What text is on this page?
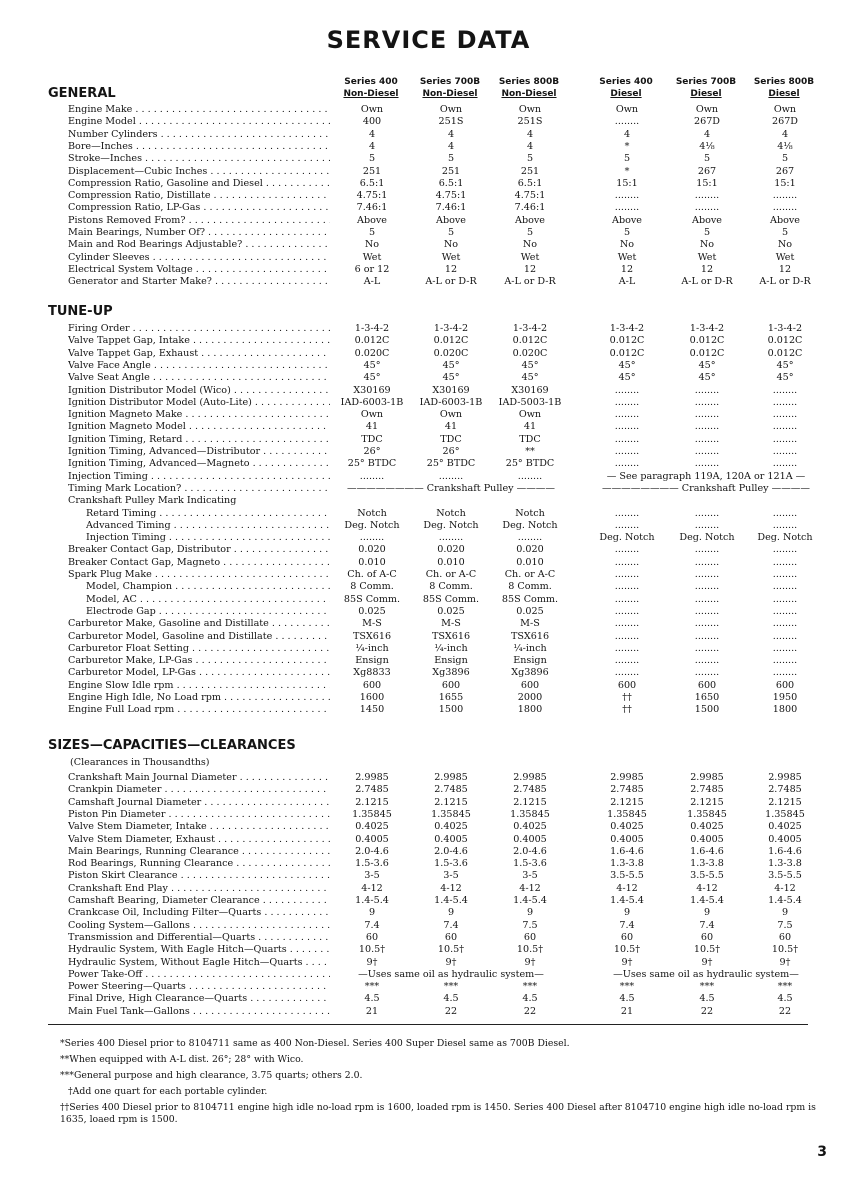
SERVICE DATA
Series 400
Non-Diesel
Series 700B
Non-Diesel
Series 800B
Non-Diesel
Series 400
Diesel
Series 700B
Diesel
Series 800B
Diesel
GENERAL
TUNE-UP
SIZES—CAPACITIES—CLEARANCES
(Clearances in Thousandths)
Engine Make . . .	Own	Own	Own	Own	Own	Own
Engine Model . . .	400	251S	251S	........	267D	267D
Number Cylinders . . .	4	4	4	4	4	4
Bore—Inches . . .	4	4	4	*	4⅛	4⅛
Stroke—Inches . . .	5	5	5	5	5	5
Displacement—Cubic Inches . . .	251	251	251	*	267	267
Compression Ratio, Gasoline and Diesel . . .	6.5:1	6.5:1	6.5:1	15:1	15:1	15:1
Compression Ratio, Distillate . . .	4.75:1	4.75:1	4.75:1	........	........	........
Compression Ratio, LP-Gas . . .	7.46:1	7.46:1	7.46:1	........	........	........
Pistons Removed From? . . .	Above	Above	Above	Above	Above	Above
Main Bearings, Number Of? . . .	5	5	5	5	5	5
Main and Rod Bearings Adjustable? . . .	No	No	No	No	No	No
Cylinder Sleeves . . .	Wet	Wet	Wet	Wet	Wet	Wet
Electrical System Voltage . . .	6 or 12	12	12	12	12	12
Generator and Starter Make? . . .	A-L	A-L or D-R	A-L or D-R	A-L	A-L or D-R	A-L or D-R
Firing Order . . .	1-3-4-2	1-3-4-2	1-3-4-2	1-3-4-2	1-3-4-2	1-3-4-2
Valve Tappet Gap, Intake . . .	0.012C	0.012C	0.012C	0.012C	0.012C	0.012C
Valve Tappet Gap, Exhaust . . .	0.020C	0.020C	0.020C	0.012C	0.012C	0.012C
Valve Face Angle . . .	45°	45°	45°	45°	45°	45°
Valve Seat Angle . . .	45°	45°	45°	45°	45°	45°
Ignition Distributor Model (Wico) . . .	X30169	X30169	X30169	........	........	........
Ignition Distributor Model (Auto-Lite) . . .	IAD-6003-1B	IAD-6003-1B	IAD-5003-1B	........	........	........
Ignition Magneto Make . . .	Own	Own	Own	........	........	........
Ignition Magneto Model . . .	41	41	41	........	........	........
Ignition Timing, Retard . . .	TDC	TDC	TDC	........	........	........
Ignition Timing, Advanced—Distributor . . .	26°	26°	**	........	........	........
Ignition Timing, Advanced—Magneto . . .	25° BTDC	25° BTDC	25° BTDC	........	........	........
Injection Timing . . .	........	........	........	— See paragraph 119A, 120A or 121A —
Timing Mark Location? . . .	———————— Crankshaft Pulley ————	———————— Crankshaft Pulley ————
Crankshaft Pulley Mark Indicating
Retard Timing . . .	Notch	Notch	Notch	........	........	........
Advanced Timing . . .	Deg. Notch	Deg. Notch	Deg. Notch	........	........	........
Injection Timing . . .	........	........	........	Deg. Notch	Deg. Notch	Deg. Notch
Breaker Contact Gap, Distributor . . .	0.020	0.020	0.020	........	........	........
Breaker Contact Gap, Magneto . . .	0.010	0.010	0.010	........	........	........
Spark Plug Make . . .	Ch. of A-C	Ch. or A-C	Ch. or A-C	........	........	........
Model, Champion . . .	8 Comm.	8 Comm.	8 Comm.	........	........	........
Model, AC . . .	85S Comm.	85S Comm.	85S Comm.	........	........	........
Electrode Gap . . .	0.025	0.025	0.025	........	........	........
Carburetor Make, Gasoline and Distillate . . .	M-S	M-S	M-S	........	........	........
Carburetor Model, Gasoline and Distillate . . .	TSX616	TSX616	TSX616	........	........	........
Carburetor Float Setting . . .	¼-inch	¼-inch	¼-inch	........	........	........
Carburetor Make, LP-Gas . . .	Ensign	Ensign	Ensign	........	........	........
Carburetor Model, LP-Gas . . .	Xg8833	Xg3896	Xg3896	........	........	........
Engine Slow Idle rpm . . .	600	600	600	600	600	600
Engine High Idle, No Load rpm . . .	1600	1655	2000	††	1650	1950
Engine Full Load rpm . . .	1450	1500	1800	††	1500	1800
Crankshaft Main Journal Diameter . . .	2.9985	2.9985	2.9985	2.9985	2.9985	2.9985
Crankpin Diameter . . .	2.7485	2.7485	2.7485	2.7485	2.7485	2.7485
Camshaft Journal Diameter . . .	2.1215	2.1215	2.1215	2.1215	2.1215	2.1215
Piston Pin Diameter . . .	1.35845	1.35845	1.35845	1.35845	1.35845	1.35845
Valve Stem Diameter, Intake . . .	0.4025	0.4025	0.4025	0.4025	0.4025	0.4025
Valve Stem Diameter, Exhaust . . .	0.4005	0.4005	0.4005	0.4005	0.4005	0.4005
Main Bearings, Running Clearance . . .	2.0-4.6	2.0-4.6	2.0-4.6	1.6-4.6	1.6-4.6	1.6-4.6
Rod Bearings, Running Clearance . . .	1.5-3.6	1.5-3.6	1.5-3.6	1.3-3.8	1.3-3.8	1.3-3.8
Piston Skirt Clearance . . .	3-5	3-5	3-5	3.5-5.5	3.5-5.5	3.5-5.5
Crankshaft End Play . . .	4-12	4-12	4-12	4-12	4-12	4-12
Camshaft Bearing, Diameter Clearance . . .	1.4-5.4	1.4-5.4	1.4-5.4	1.4-5.4	1.4-5.4	1.4-5.4
Crankcase Oil, Including Filter—Quarts . . .	9	9	9	9	9	9
Cooling System—Gallons . . .	7.4	7.4	7.5	7.4	7.4	7.5
Transmission and Differential—Quarts . . .	60	60	60	60	60	60
Hydraulic System, With Eagle Hitch—Quarts . . .	10.5†	10.5†	10.5†	10.5†	10.5†	10.5†
Hydraulic System, Without Eagle Hitch—Quarts . . .	9†	9†	9†	9†	9†	9†
Power Take-Off . . .	—Uses same oil as hydraulic system—	—Uses same oil as hydraulic system—
Power Steering—Quarts . . .	***	***	***	***	***	***
Final Drive, High Clearance—Quarts . . .	4.5	4.5	4.5	4.5	4.5	4.5
Main Fuel Tank—Gallons . . .	21	22	22	21	22	22
*Series 400 Diesel prior to 8104711 same as 400 Non-Diesel. Series 400 Super Diesel same as 700B Diesel.
**When equipped with A-L dist. 26°; 28° with Wico.
***General purpose and high clearance, 3.75 quarts; others 2.0.
†Add one quart for each portable cylinder.
††Series 400 Diesel prior to 8104711 engine high idle no-load rpm is 1600, loaded rpm is 1450. Series 400 Diesel after 8104710 engine high idle no-load rpm is 1635, loaed rpm is 1500.
3
